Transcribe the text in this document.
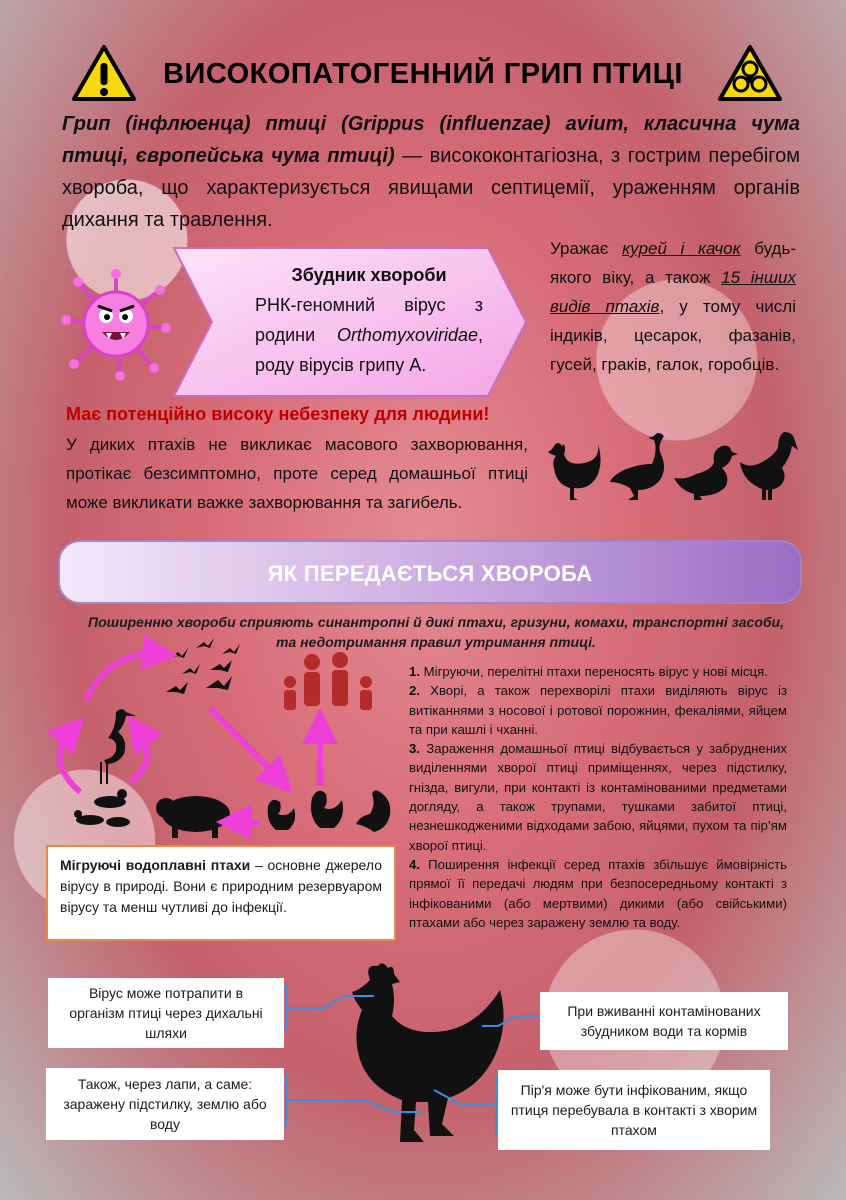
ВИСОКОПАТОГЕННИЙ ГРИП ПТИЦІ
Грип (інфлюенца) птиці (Grippus (influenzae) avium, класична чума птиці, європейська чума птиці) — висококонтагіозна, з гострим перебігом хвороба, що характеризується явищами септицемії, ураженням органів дихання та травлення.
Збудник хвороби
РНК-геномний вірус з родини Orthomyxoviridae, роду вірусів грипу А.
Уражає курей і качок будь-якого віку, а також 15 інших видів птахів, у тому числі індиків, цесарок, фазанів, гусей, граків, галок, горобців.
Має потенційно високу небезпеку для людини!
У диких птахів не викликає масового захворювання, протікає безсимптомно, проте серед домашньої птиці може викликати важке захворювання та загибель.
ЯК ПЕРЕДАЄТЬСЯ ХВОРОБА
Поширенню хвороби сприяють синантропні й дикі птахи, гризуни, комахи, транспортні засоби,
та недотримання правил утримання птиці.
Мігруючі водоплавні птахи – основне джерело вірусу в природі. Вони є природним резервуаром вірусу та менш чутливі до інфекції.

1. Мігруючи, перелітні птахи переносять вірус у нові місця.

2. Хворі, а також перехворілі птахи виділяють вірус із витіканнями з носової і ротової порожнин, фекаліями, яйцем та при кашлі і чханні.

3. Зараження домашньої птиці відбувається у забруднених виділеннями хворої птиці приміщеннях, через підстилку, гнізда, вигули, при контакті із контамінованими предметами догляду, а також трупами, тушками забитої птиці, незнешкодженими відходами забою, яйцями, пухом та пір’ям хворої птиці.

4. Поширення інфекції серед птахів збільшує ймовірність прямої її передачі людям при безпосередньому контакті з інфікованими (або мертвими) дикими (або свійськими) птахами або через заражену землю та воду.

Вірус може потрапити в організм птиці через дихальні шляхи
При вживанні контамінованих збудником води та кормів
Також, через лапи, а саме: заражену підстилку, землю або воду
Пір'я може бути інфікованим, якщо птиця перебувала в контакті з хворим птахом
